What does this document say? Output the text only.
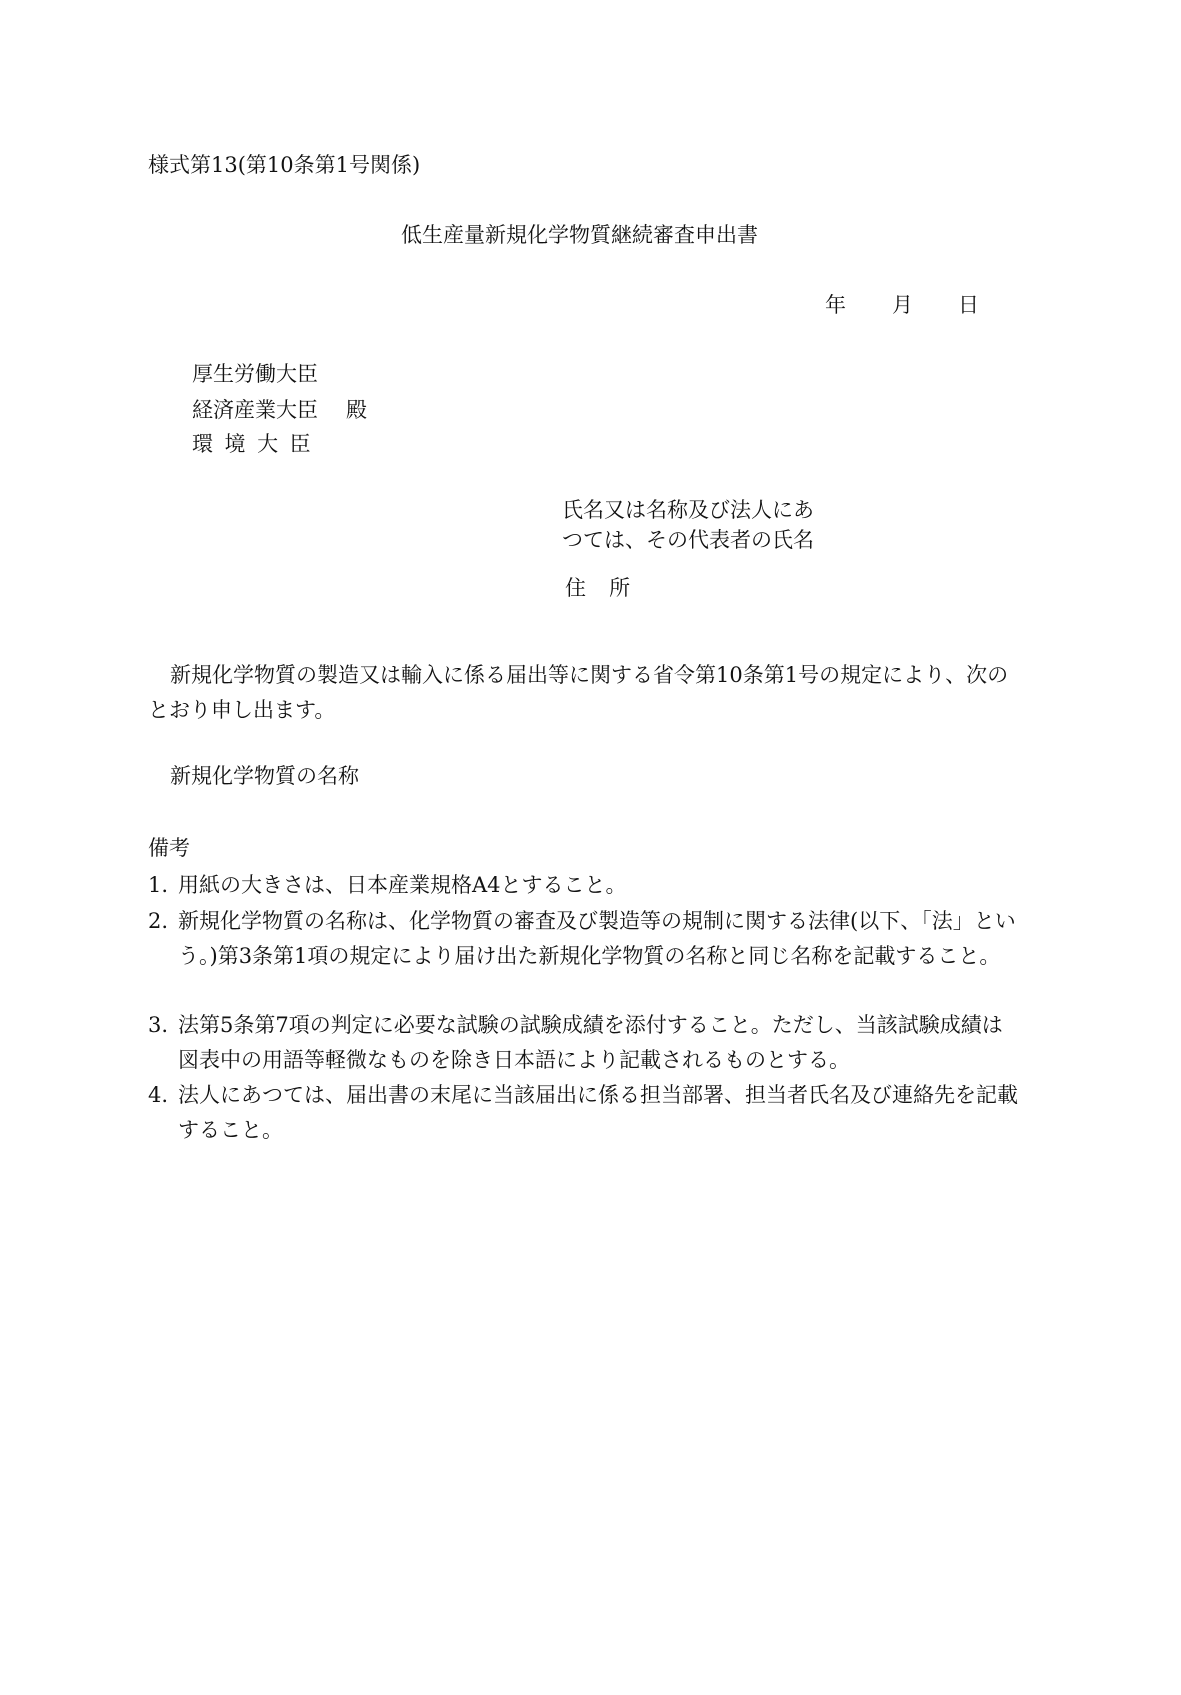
様式第13(第10条第1号関係)
低生産量新規化学物質継続審査申出書
年 月 日
厚生労働大臣
経済産業大臣 殿
環境大臣
氏名又は名称及び法人にあ
つては、その代表者の氏名
住所
新規化学物質の製造又は輸入に係る届出等に関する省令第10条第1号の規定により、次のとおり申し出ます。
新規化学物質の名称
備考
1. 用紙の大きさは、日本産業規格A4とすること。
2. 新規化学物質の名称は、化学物質の審査及び製造等の規制に関する法律(以下、「法」という。)第3条第1項の規定により届け出た新規化学物質の名称と同じ名称を記載すること。
3. 法第5条第7項の判定に必要な試験の試験成績を添付すること。ただし、当該試験成績は図表中の用語等軽微なものを除き日本語により記載されるものとする。
4. 法人にあつては、届出書の末尾に当該届出に係る担当部署、担当者氏名及び連絡先を記載すること。
